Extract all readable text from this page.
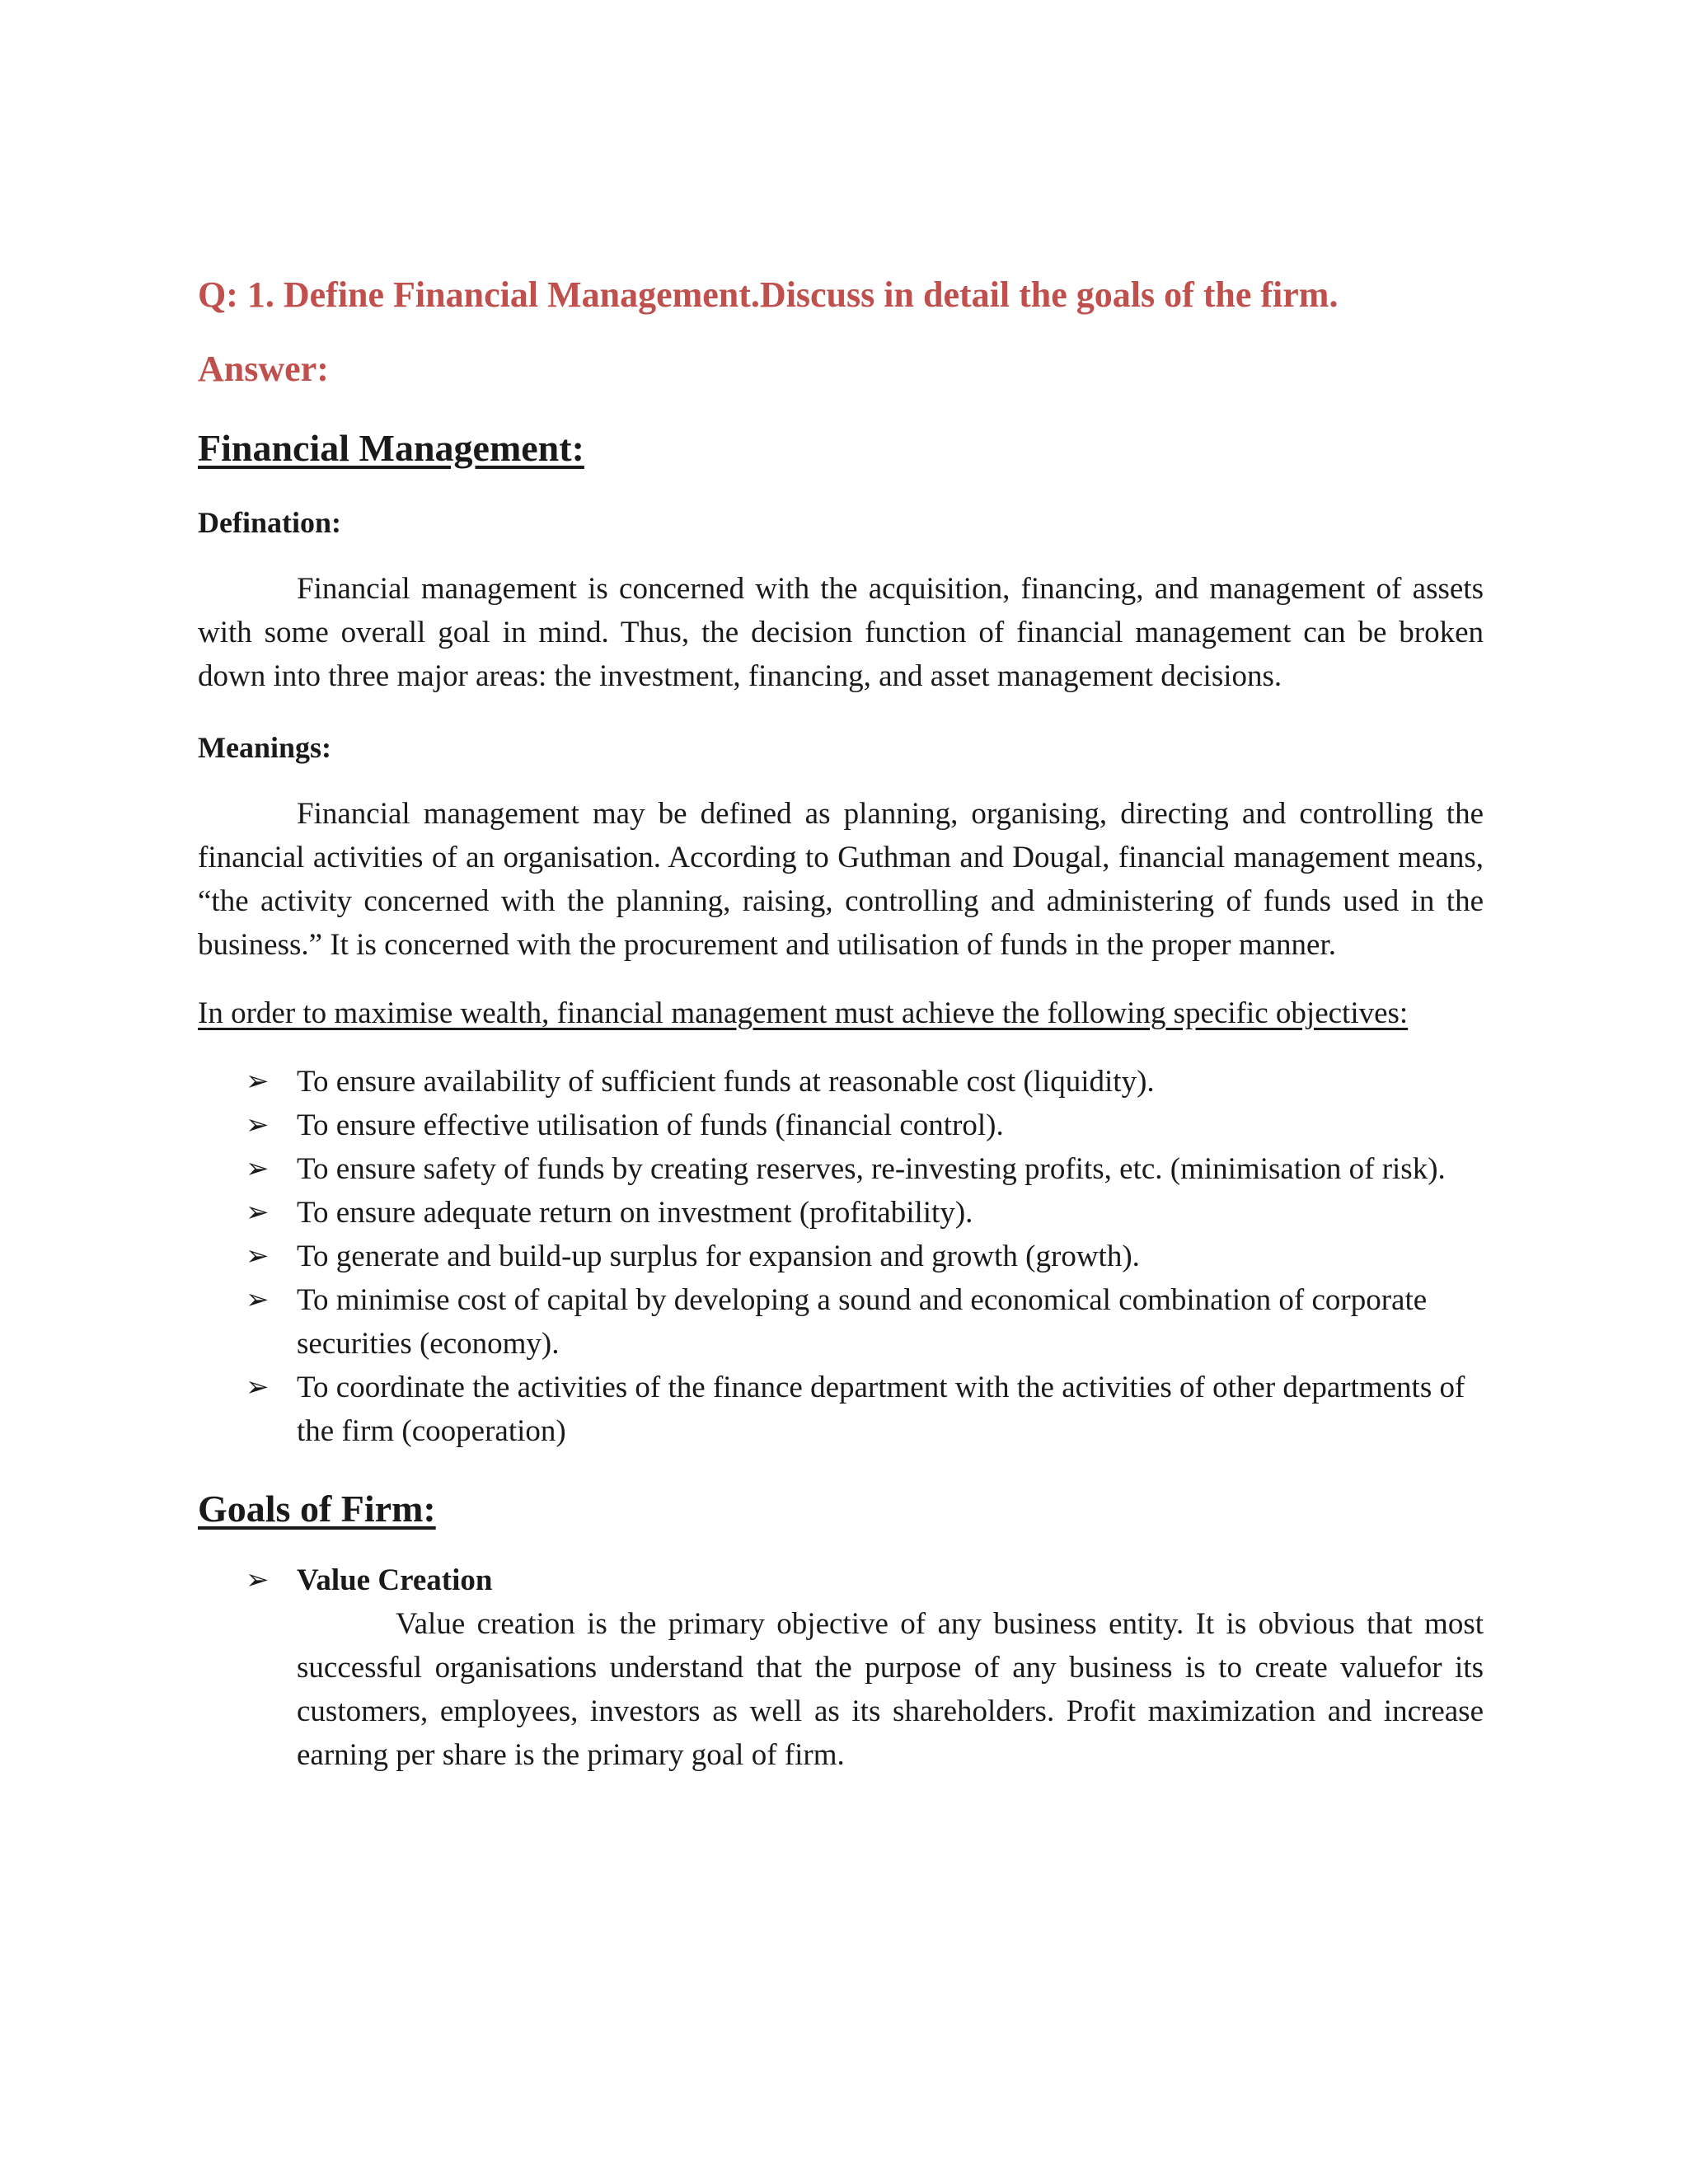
Q: 1. Define Financial Management.Discuss in detail the goals of the firm.

Answer:

Financial Management:

Defination:

Financial management is concerned with the acquisition, financing, and management of assets with some overall goal in mind. Thus, the decision function of financial management can be broken down into three major areas: the investment, financing, and asset management decisions.

Meanings:

Financial management may be defined as planning, organising, directing and controlling the financial activities of an organisation. According to Guthman and Dougal, financial management means, “the activity concerned with the planning, raising, controlling and administering of funds used in the business.” It is concerned with the procurement and utilisation of funds in the proper manner.

In order to maximise wealth, financial management must achieve the following specific objectives:

➢ To ensure availability of sufficient funds at reasonable cost (liquidity).
➢ To ensure effective utilisation of funds (financial control).
➢ To ensure safety of funds by creating reserves, re-investing profits, etc. (minimisation of risk).
➢ To ensure adequate return on investment (profitability).
➢ To generate and build-up surplus for expansion and growth (growth).
➢ To minimise cost of capital by developing a sound and economical combination of corporate securities (economy).
➢ To coordinate the activities of the finance department with the activities of other departments of the firm (cooperation)

Goals of Firm:

➢ Value Creation
Value creation is the primary objective of any business entity. It is obvious that most successful organisations understand that the purpose of any business is to create valuefor its customers, employees, investors as well as its shareholders. Profit maximization and increase earning per share is the primary goal of firm.
